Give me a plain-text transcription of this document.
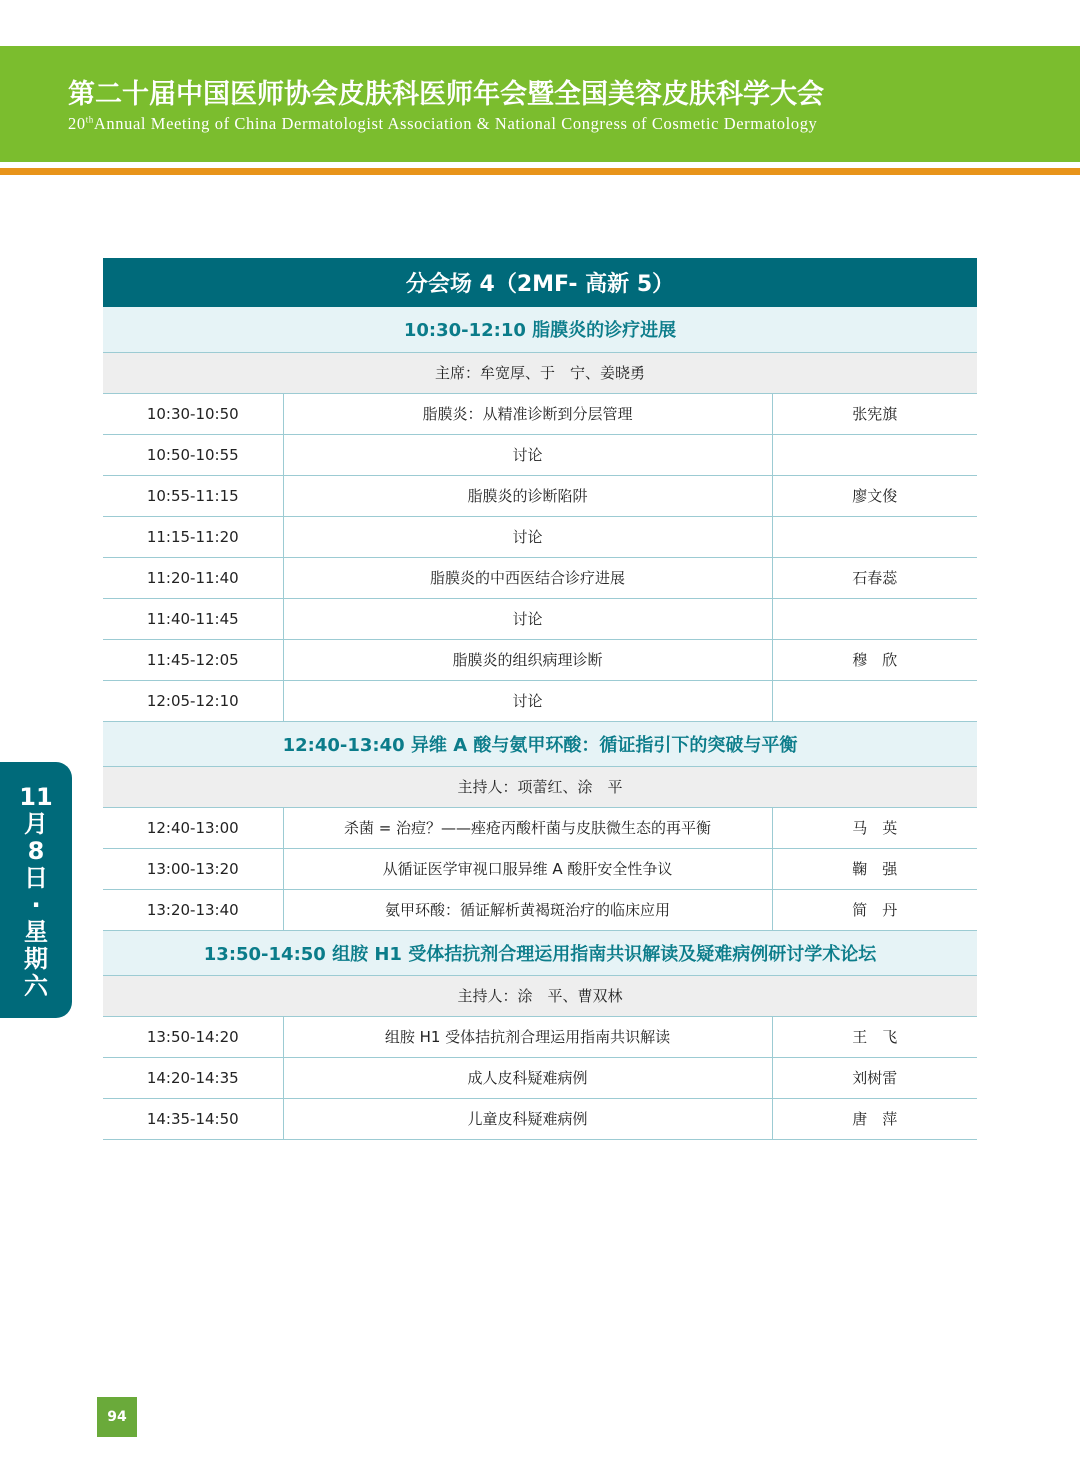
第二十届中国医师协会皮肤科医师年会暨全国美容皮肤科学大会
20thAnnual Meeting of China Dermatologist Association & National Congress of Cosmetic Dermatology
分会场 4（2MF- 高新 5）		
10:30-12:10 脂膜炎的诊疗进展		
主席：牟宽厚、于　宁、姜晓勇		
10:30-10:50	脂膜炎：从精准诊断到分层管理	张宪旗
10:50-10:55	讨论	
10:55-11:15	脂膜炎的诊断陷阱	廖文俊
11:15-11:20	讨论	
11:20-11:40	脂膜炎的中西医结合诊疗进展	石春蕊
11:40-11:45	讨论	
11:45-12:05	脂膜炎的组织病理诊断	穆　欣
12:05-12:10	讨论	
12:40-13:40 异维 A 酸与氨甲环酸：循证指引下的突破与平衡		
主持人：项蕾红、涂　平		
12:40-13:00	杀菌 = 治痘？——痤疮丙酸杆菌与皮肤微生态的再平衡	马　英
13:00-13:20	从循证医学审视口服异维 A 酸肝安全性争议	鞠　强
13:20-13:40	氨甲环酸：循证解析黄褐斑治疗的临床应用	简　丹
13:50-14:50 组胺 H1 受体拮抗剂合理运用指南共识解读及疑难病例研讨学术论坛		
主持人：涂　平、曹双林		
13:50-14:20	组胺 H1 受体拮抗剂合理运用指南共识解读	王　飞
14:20-14:35	成人皮科疑难病例	刘树雷
14:35-14:50	儿童皮科疑难病例	唐　萍
11
月
8
日
·
星
期
六
94
